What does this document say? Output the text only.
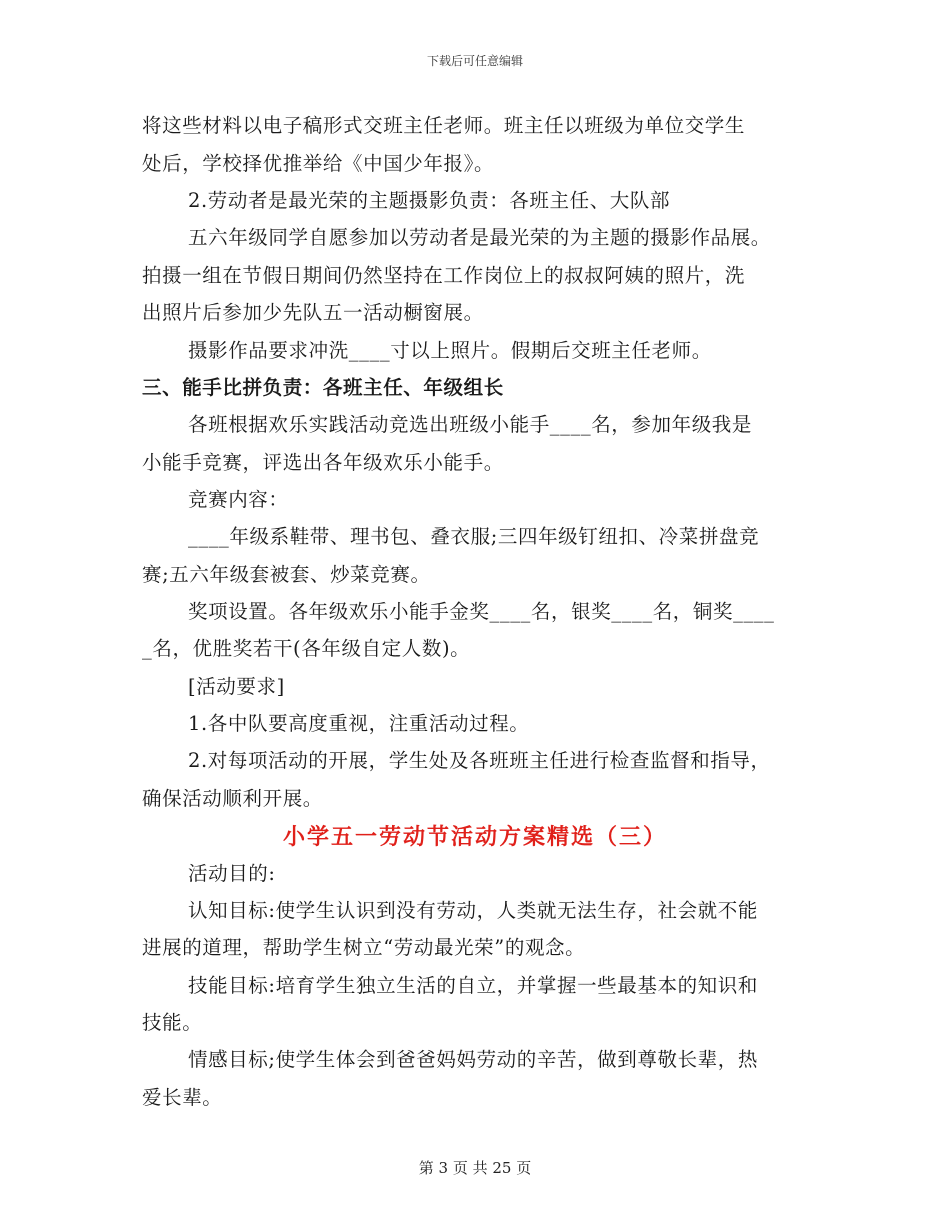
下载后可任意编辑
将这些材料以电子稿形式交班主任老师。班主任以班级为单位交学生
处后，学校择优推举给《中国少年报》。
2.劳动者是最光荣的主题摄影负责：各班主任、大队部
五六年级同学自愿参加以劳动者是最光荣的为主题的摄影作品展。
拍摄一组在节假日期间仍然坚持在工作岗位上的叔叔阿姨的照片，洗
出照片后参加少先队五一活动橱窗展。
摄影作品要求冲洗____寸以上照片。假期后交班主任老师。
三、能手比拼负责：各班主任、年级组长
各班根据欢乐实践活动竞选出班级小能手____名，参加年级我是
小能手竞赛，评选出各年级欢乐小能手。
竞赛内容：
____年级系鞋带、理书包、叠衣服;三四年级钉纽扣、冷菜拼盘竞
赛;五六年级套被套、炒菜竞赛。
奖项设置。各年级欢乐小能手金奖____名，银奖____名，铜奖____
_名，优胜奖若干(各年级自定人数)。
[活动要求]
1.各中队要高度重视，注重活动过程。
2.对每项活动的开展，学生处及各班班主任进行检查监督和指导，
确保活动顺利开展。
小学五一劳动节活动方案精选（三）
活动目的:
认知目标:使学生认识到没有劳动，人类就无法生存，社会就不能
进展的道理，帮助学生树立“劳动最光荣”的观念。
技能目标:培育学生独立生活的自立，并掌握一些最基本的知识和
技能。
情感目标;使学生体会到爸爸妈妈劳动的辛苦，做到尊敬长辈，热
爱长辈。
第 3 页 共 25 页
